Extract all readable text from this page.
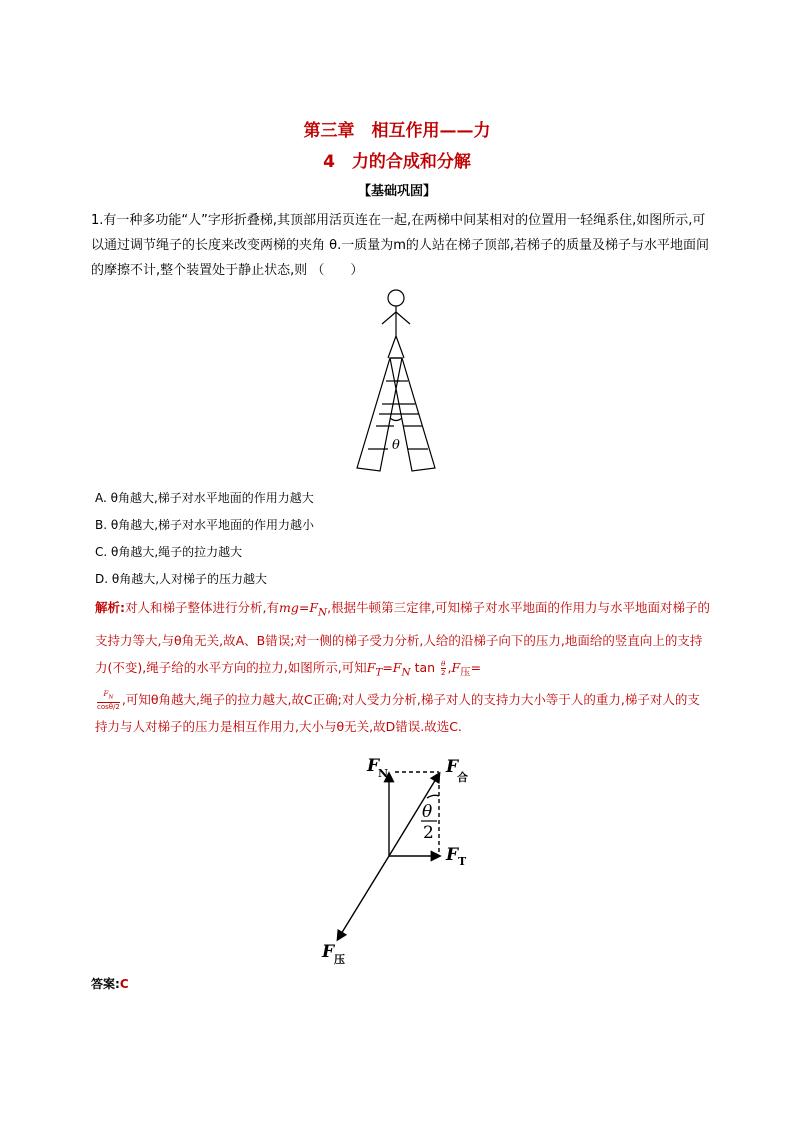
第三章　相互作用——力
4　力的合成和分解
【基础巩固】
1.有一种多功能“人”字形折叠梯,其顶部用活页连在一起,在两梯中间某相对的位置用一轻绳系住,如图所示,可以通过调节绳子的长度来改变两梯的夹角 θ.一质量为m的人站在梯子顶部,若梯子的质量及梯子与水平地面间的摩擦不计,整个装置处于静止状态,则 （　　）
θ
A. θ角越大,梯子对水平地面的作用力越大
B. θ角越大,梯子对水平地面的作用力越小
C. θ角越大,绳子的拉力越大
D. θ角越大,人对梯子的压力越大
解析:对人和梯子整体进行分析,有$mg=F_N$,根据牛顿第三定律,可知梯子对水平地面的作用力与水平地面对梯子的支持力等大,与θ角无关,故A、B错误;对一侧的梯子受力分析,人给的沿梯子向下的压力,地面给的竖直向上的支持力(不变),绳子给的水平方向的拉力,如图所示,可知$F_T=F_N$ $\tan \frac{\theta}{2} ,F_压=$

$\frac{F_N}{\cos\theta/2}$ ,可知θ角越大,绳子的拉力越大,故C正确;对人受力分析,梯子对人的支持力大小等于人的重力,梯子对人的支持力与人对梯子的压力是相互作用力,大小与θ无关,故D错误.故选C.
F
N	F
合
F T
F 压
θ
2
答案:C
